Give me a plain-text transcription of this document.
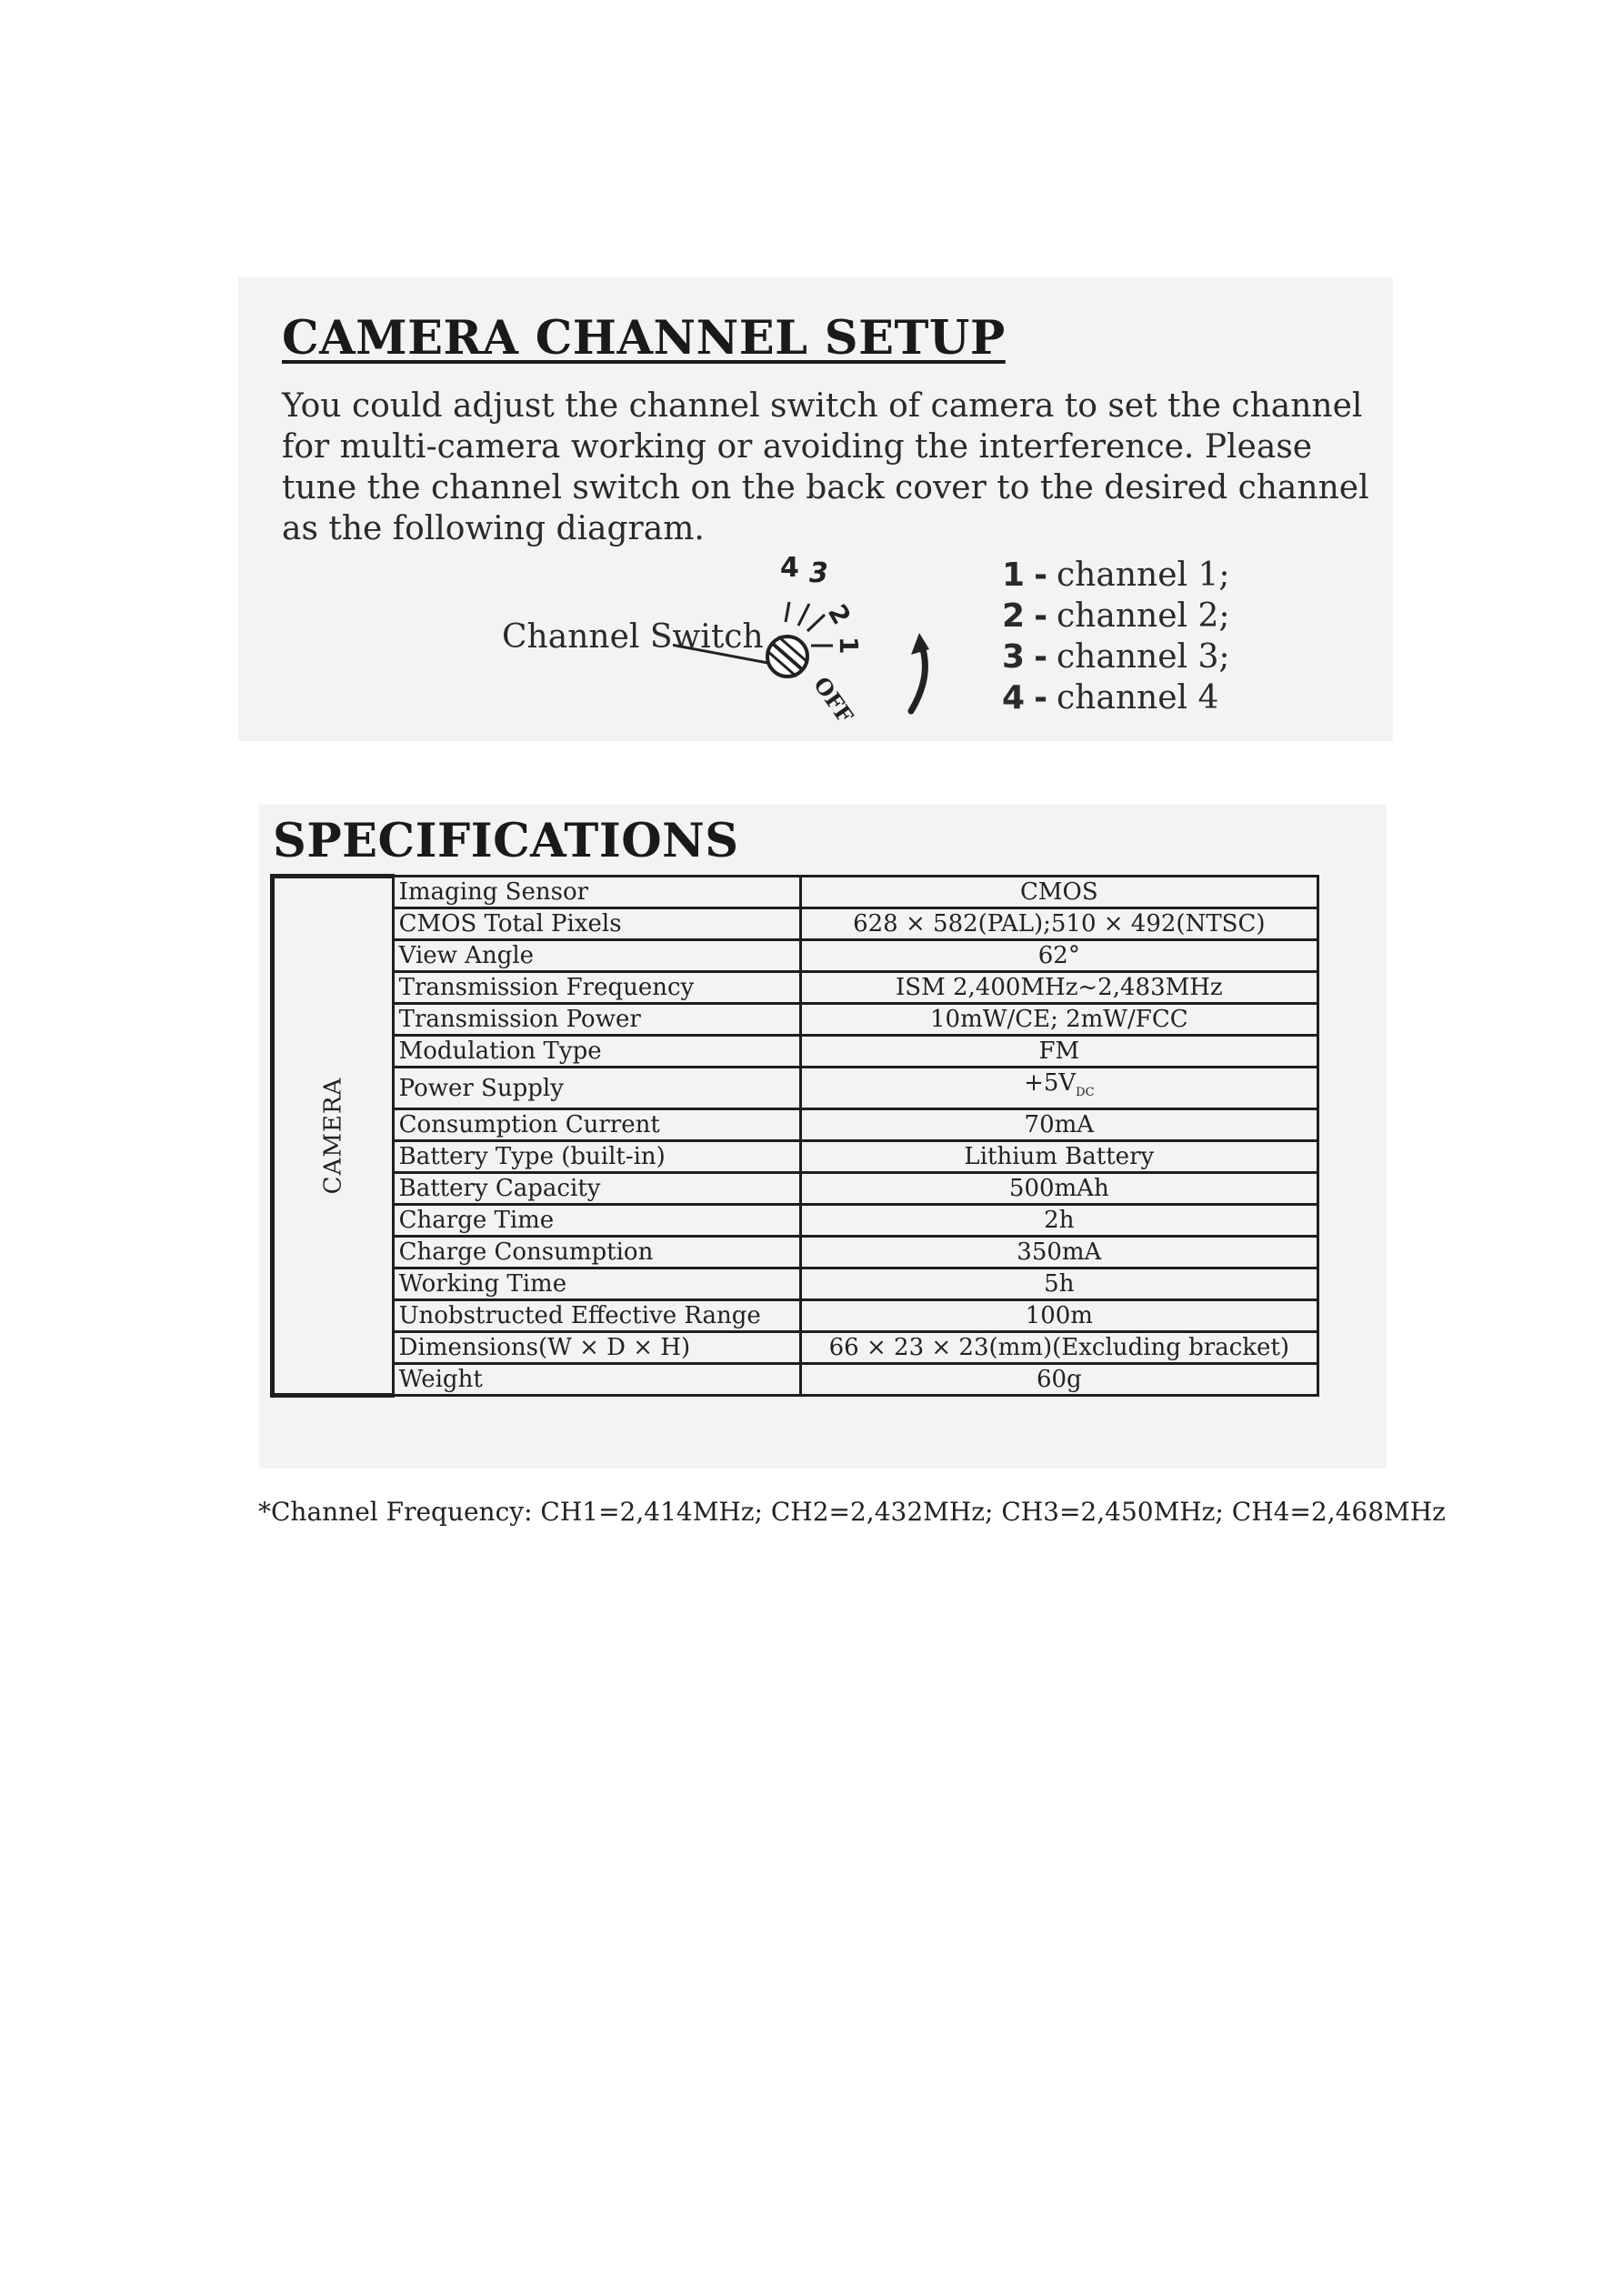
CAMERA CHANNEL SETUP
You could adjust the channel switch of camera to set the channel for multi-camera working or avoiding the interference. Please tune the channel switch on the back cover to the desired channel as the following diagram.
Channel Switch
4 3
2
1
OFF
1 - channel 1;
2 - channel 2;
3 - channel 3;
4 - channel 4
SPECIFICATIONS
CAMERA	Imaging Sensor	CMOS
	CMOS Total Pixels	628 × 582(PAL);510 × 492(NTSC)
	View Angle	62°
	Transmission Frequency	ISM 2,400MHz~2,483MHz
	Transmission Power	10mW/CE; 2mW/FCC
	Modulation Type	FM
	Power Supply	$+5V_{DC}$
	Consumption Current	70mA
	Battery Type (built-in)	Lithium Battery
	Battery Capacity	500mAh
	Charge Time	2h
	Charge Consumption	350mA
	Working Time	5h
	Unobstructed Effective Range	100m
	Dimensions(W × D × H)	66 × 23 × 23(mm)(Excluding bracket)
	Weight	60g
*Channel Frequency: CH1=2,414MHz; CH2=2,432MHz; CH3=2,450MHz; CH4=2,468MHz
